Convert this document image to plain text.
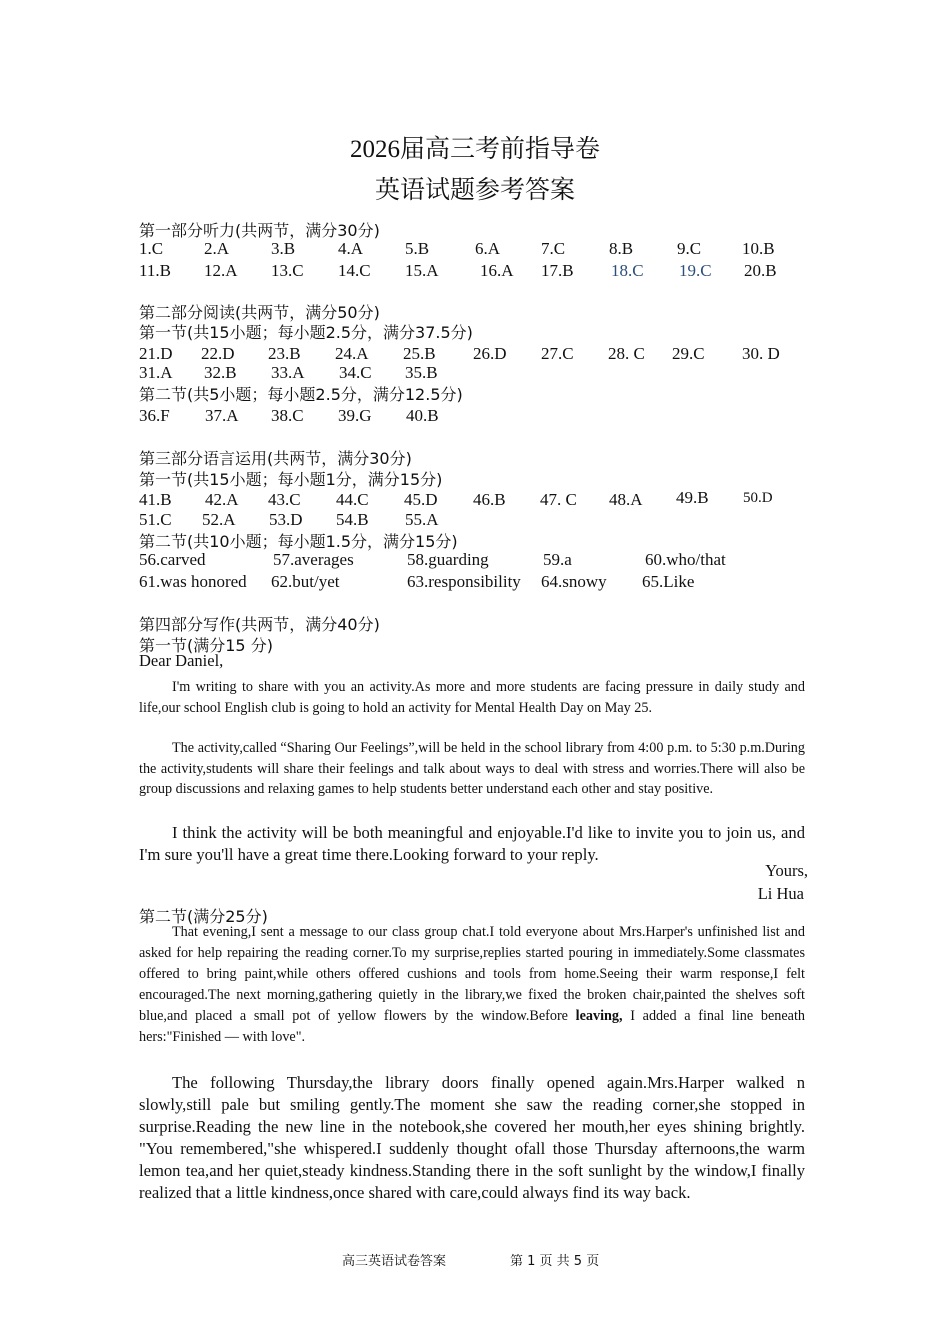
2026届高三考前指导卷
英语试题参考答案
第一部分听力(共两节，满分30分)
1.C 2.A 3.B	4.A 5.B	6.A 7.C	8.B	9.C 10.B
11.B 12.A 13.C 14.C 15.A 16.A 17.B 18.C 19.C 20.B
第二部分阅读(共两节，满分50分)
第一节(共15小题；每小题2.5分，满分37.5分)
21.D 22.D 23.B 24.A 25.B 26.D 27.C 28. C 29.C 30. D
31.A 32.B 33.A 34.C 35.B
第二节(共5小题；每小题2.5分，满分12.5分)
36.F 37.A 38.C 39.G 40.B
第三部分语言运用(共两节，满分30分)
第一节(共15小题；每小题1分，满分15分)
41.B 42.A 43.C 44.C 45.D 46.B 47. C 48.A 49.B 50.D
51.C 52.A 53.D 54.B 55.A
第二节(共10小题；每小题1.5分，满分15分)
56.carved	57.averages	58.guarding	59.a	60.who/that
61.was honored 62.but/yet	63.responsibility 64.snowy 65.Like
第四部分写作(共两节，满分40分)
第一节(满分15 分)
Dear Daniel,

I'm writing to share with you an activity.As more and more students are facing pressure in daily study and life,our school English club is going to hold an activity for Mental Health Day on May 25.

The activity,called “Sharing Our Feelings”,will be held in the school library from 4:00 p.m. to 5:30 p.m.During the activity,students will share their feelings and talk about ways to deal with stress and worries.There will also be group discussions and relaxing games to help students better understand each other and stay positive.

I think the activity will be both meaningful and enjoyable.I'd like to invite you to join us, and I'm sure you'll have a great time there.Looking forward to your reply.

Yours,
Li Hua
第二节(满分25分)

That evening,I sent a message to our class group chat.I told everyone about Mrs.Harper's unfinished list and asked for help repairing the reading corner.To my surprise,replies started pouring in immediately.Some classmates offered to bring paint,while others offered cushions and tools from home.Seeing their warm response,I felt encouraged.The next morning,gathering quietly in the library,we fixed the broken chair,painted the shelves soft blue,and placed a small pot of yellow flowers by the window.Before leaving, I added a final line beneath hers:"Finished — with love".

The following Thursday,the library doors finally opened again.Mrs.Harper walked n slowly,still pale but smiling gently.The moment she saw the reading corner,she stopped in surprise.Reading the new line in the notebook,she covered her mouth,her eyes shining brightly. "You remembered,"she whispered.I suddenly thought ofall those Thursday afternoons,the warm lemon tea,and her quiet,steady kindness.Standing there in the soft sunlight by the window,I finally realized that a little kindness,once shared with care,could always find its way back.

高三英语试卷答案	第 1 页 共 5 页
